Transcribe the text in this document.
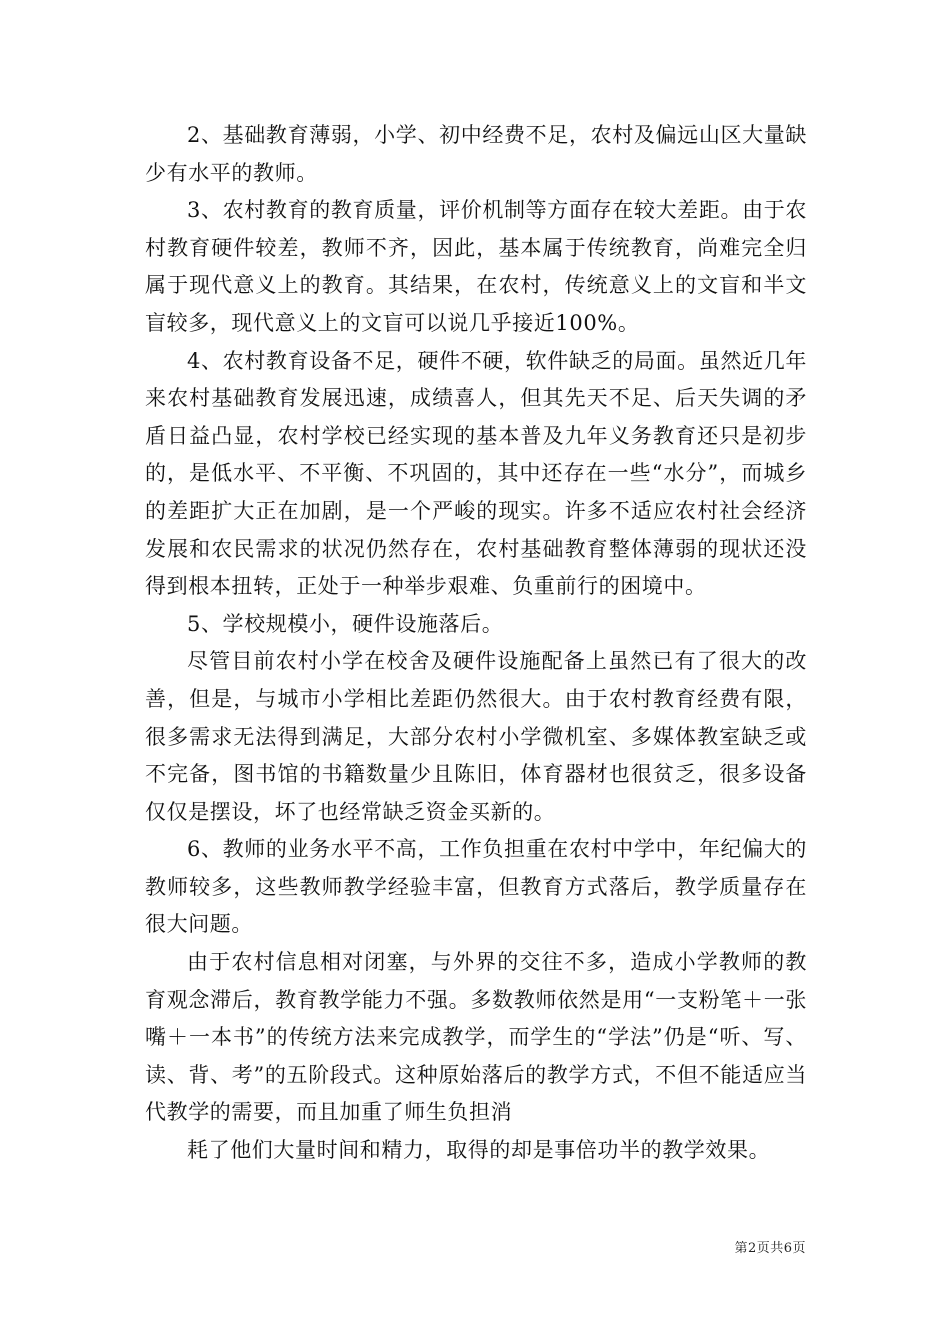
2、基础教育薄弱，小学、初中经费不足，农村及偏远山区大量缺少有水平的教师。

3、农村教育的教育质量，评价机制等方面存在较大差距。由于农村教育硬件较差，教师不齐，因此，基本属于传统教育，尚难完全归属于现代意义上的教育。其结果，在农村，传统意义上的文盲和半文盲较多，现代意义上的文盲可以说几乎接近100%。

4、农村教育设备不足，硬件不硬，软件缺乏的局面。虽然近几年来农村基础教育发展迅速，成绩喜人，但其先天不足、后天失调的矛盾日益凸显，农村学校已经实现的基本普及九年义务教育还只是初步的，是低水平、不平衡、不巩固的，其中还存在一些“水分”，而城乡的差距扩大正在加剧，是一个严峻的现实。许多不适应农村社会经济发展和农民需求的状况仍然存在，农村基础教育整体薄弱的现状还没得到根本扭转，正处于一种举步艰难、负重前行的困境中。

5、学校规模小，硬件设施落后。

尽管目前农村小学在校舍及硬件设施配备上虽然已有了很大的改善，但是，与城市小学相比差距仍然很大。由于农村教育经费有限，很多需求无法得到满足，大部分农村小学微机室、多媒体教室缺乏或不完备，图书馆的书籍数量少且陈旧，体育器材也很贫乏，很多设备仅仅是摆设，坏了也经常缺乏资金买新的。

6、教师的业务水平不高，工作负担重在农村中学中，年纪偏大的教师较多，这些教师教学经验丰富，但教育方式落后，教学质量存在很大问题。

由于农村信息相对闭塞，与外界的交往不多，造成小学教师的教育观念滞后，教育教学能力不强。多数教师依然是用“一支粉笔＋一张嘴＋一本书”的传统方法来完成教学，而学生的“学法”仍是“听、写、读、背、考”的五阶段式。这种原始落后的教学方式，不但不能适应当代教学的需要，而且加重了师生负担消

耗了他们大量时间和精力，取得的却是事倍功半的教学效果。

第2页共6页
